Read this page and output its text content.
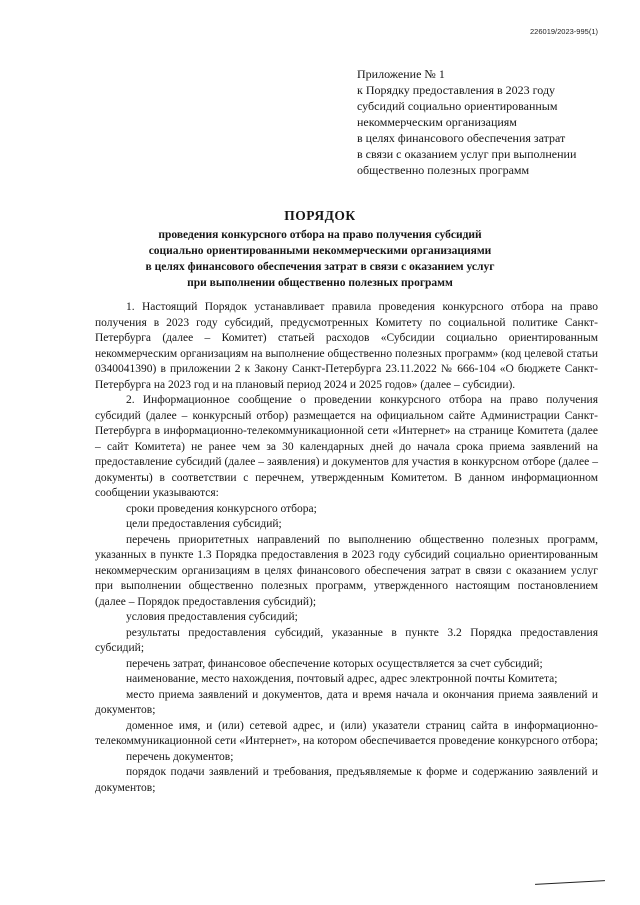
226019/2023-995(1)
Приложение № 1
к Порядку предоставления в 2023 году
субсидий социально ориентированным
некоммерческим организациям
в целях финансового обеспечения затрат
в связи с оказанием услуг при выполнении
общественно полезных программ
ПОРЯДОК
проведения конкурсного отбора на право получения субсидий
социально ориентированными некоммерческими организациями
в целях финансового обеспечения затрат в связи с оказанием услуг
при выполнении общественно полезных программ

1. Настоящий Порядок устанавливает правила проведения конкурсного отбора на право получения в 2023 году субсидий, предусмотренных Комитету по социальной политике Санкт-Петербурга (далее – Комитет) статьей расходов «Субсидии социально ориентированным некоммерческим организациям на выполнение общественно полезных программ» (код целевой статьи 0340041390) в приложении 2 к Закону Санкт-Петербурга 23.11.2022 № 666-104 «О бюджете Санкт-Петербурга на 2023 год и на плановый период 2024 и 2025 годов» (далее – субсидии).

2. Информационное сообщение о проведении конкурсного отбора на право получения субсидий (далее – конкурсный отбор) размещается на официальном сайте Администрации Санкт-Петербурга в информационно-телекоммуникационной сети «Интернет» на странице Комитета (далее – сайт Комитета) не ранее чем за 30 календарных дней до начала срока приема заявлений на предоставление субсидий (далее – заявления) и документов для участия в конкурсном отборе (далее – документы) в соответствии с перечнем, утвержденным Комитетом. В данном информационном сообщении указываются:

сроки проведения конкурсного отбора;

цели предоставления субсидий;

перечень приоритетных направлений по выполнению общественно полезных программ, указанных в пункте 1.3 Порядка предоставления в 2023 году субсидий социально ориентированным некоммерческим организациям в целях финансового обеспечения затрат в связи с оказанием услуг при выполнении общественно полезных программ, утвержденного настоящим постановлением (далее – Порядок предоставления субсидий);

условия предоставления субсидий;

результаты предоставления субсидий, указанные в пункте 3.2 Порядка предоставления субсидий;

перечень затрат, финансовое обеспечение которых осуществляется за счет субсидий;

наименование, место нахождения, почтовый адрес, адрес электронной почты Комитета;

место приема заявлений и документов, дата и время начала и окончания приема заявлений и документов;

доменное имя, и (или) сетевой адрес, и (или) указатели страниц сайта в информационно-телекоммуникационной сети «Интернет», на котором обеспечивается проведение конкурсного отбора;

перечень документов;

порядок подачи заявлений и требования, предъявляемые к форме и содержанию заявлений и документов;
